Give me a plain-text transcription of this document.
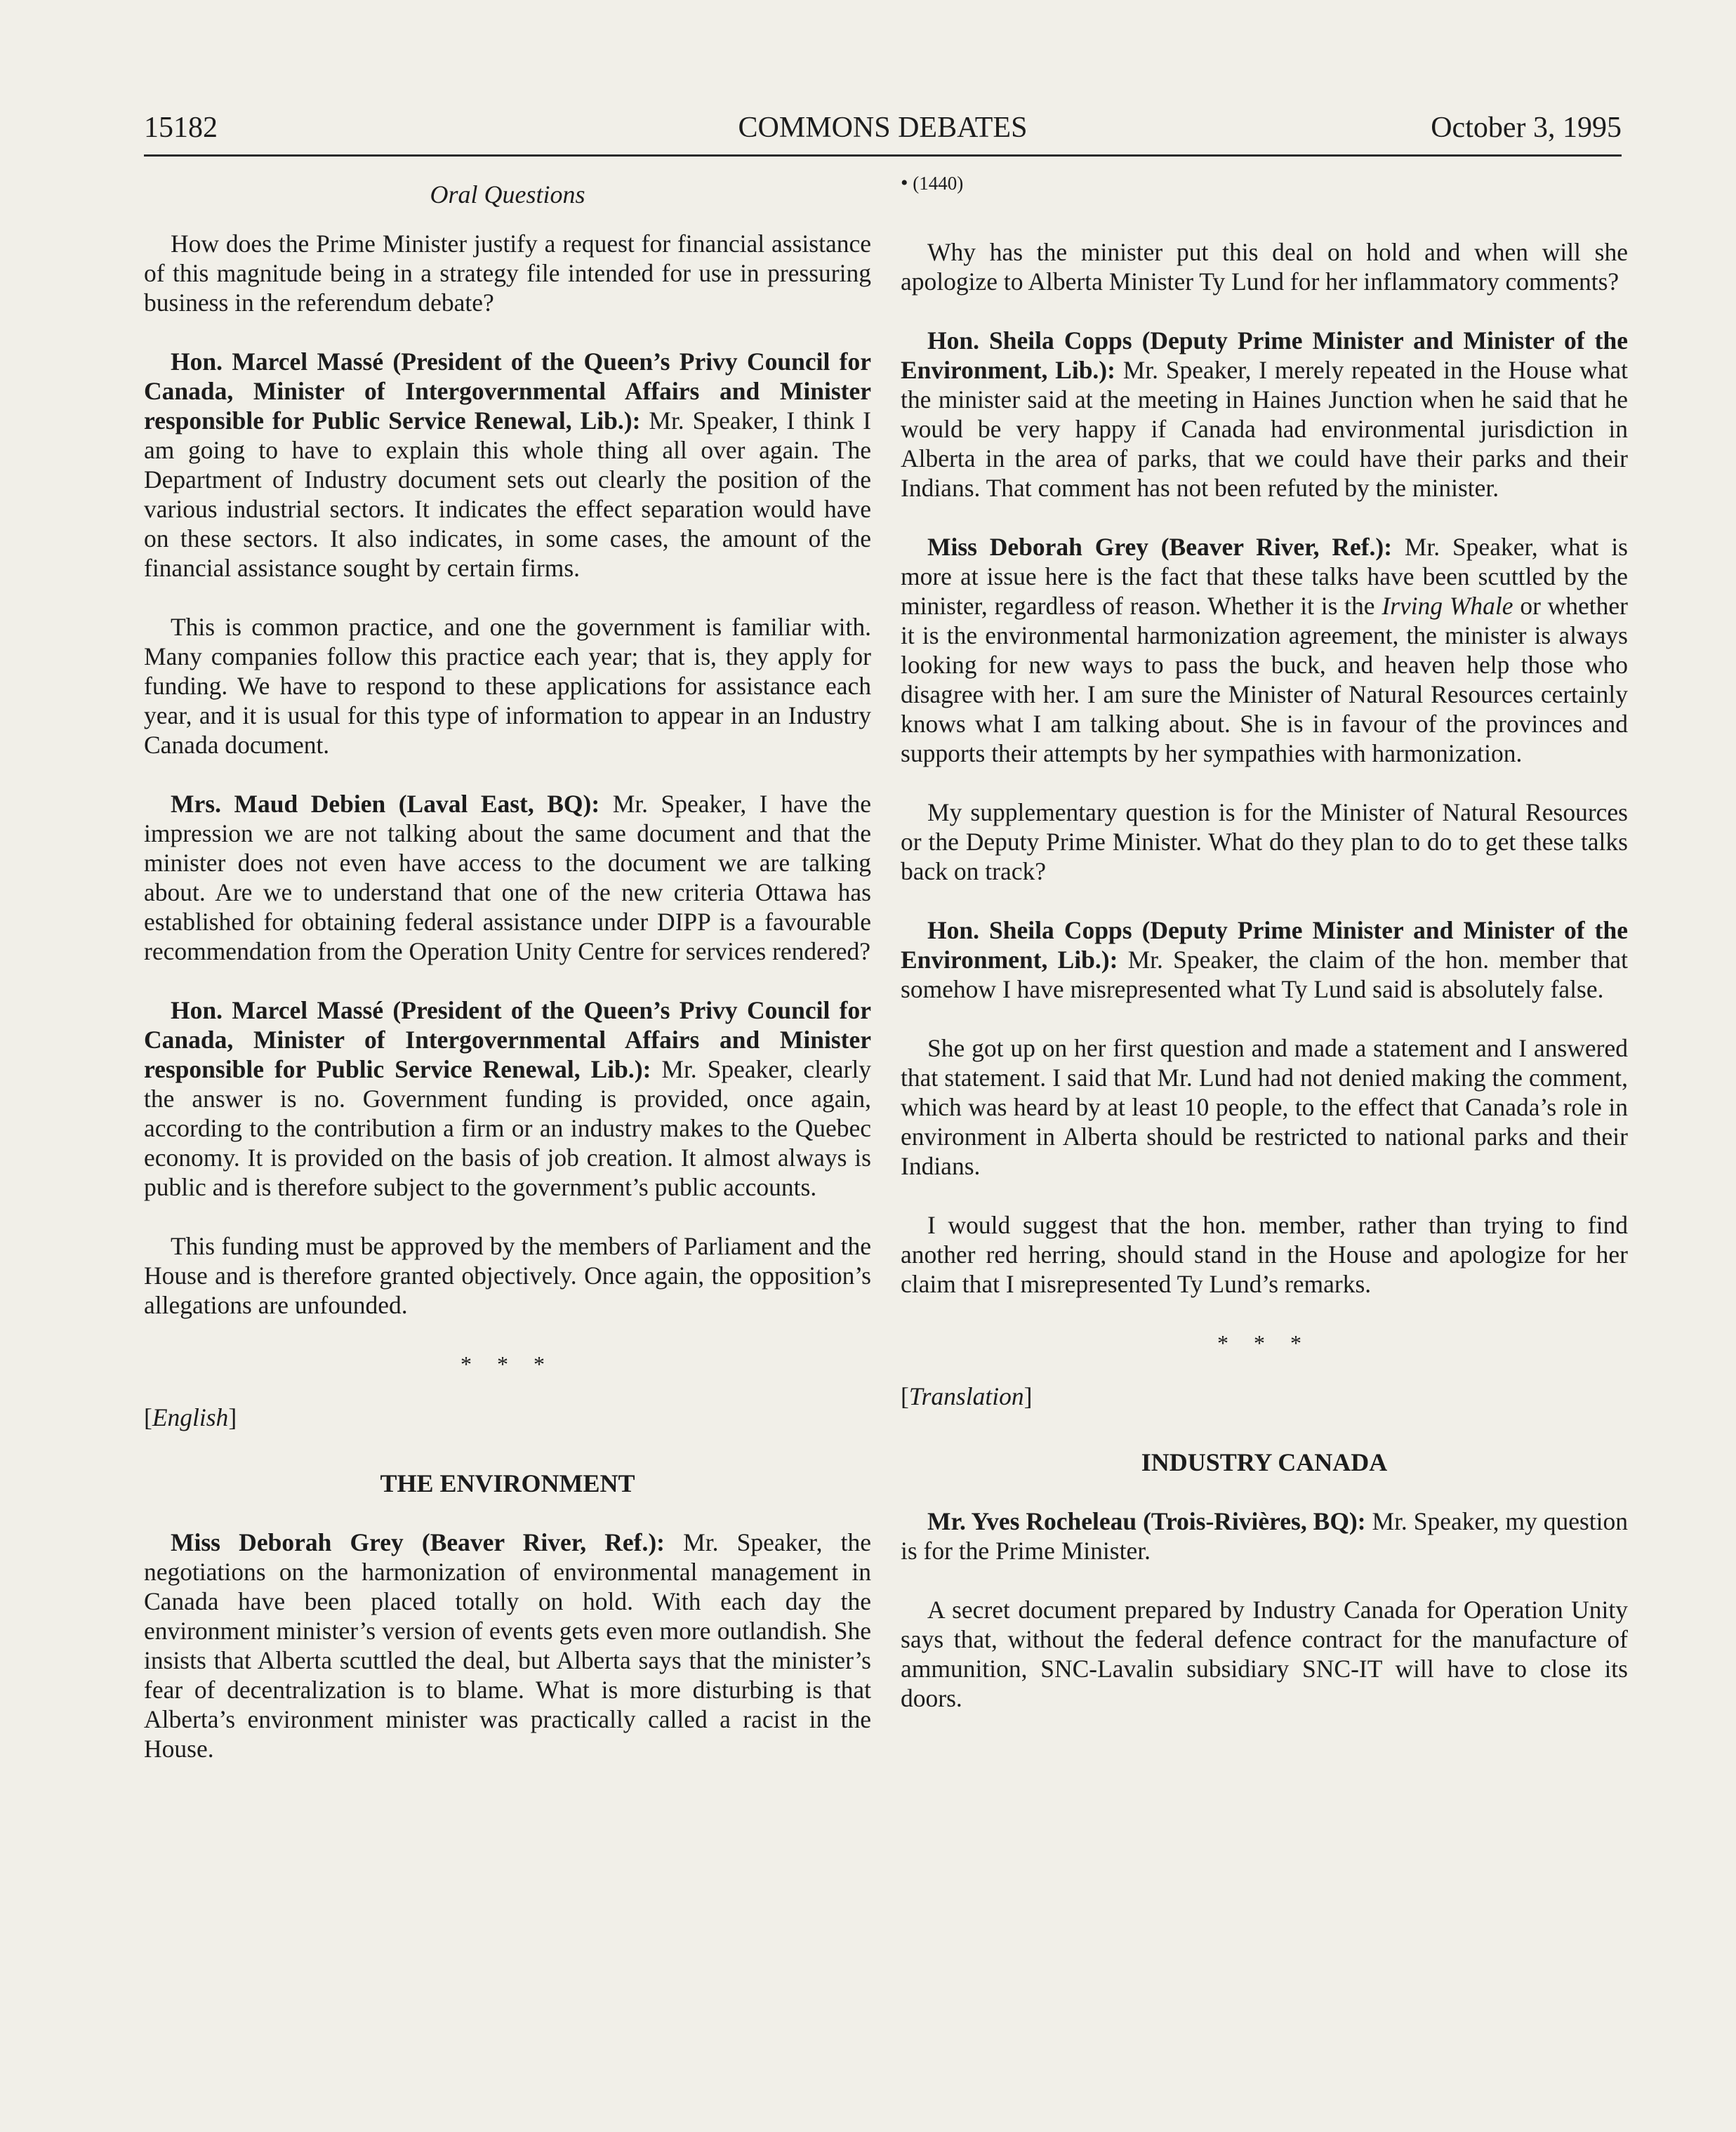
15182	COMMONS DEBATES	October 3, 1995
Oral Questions

How does the Prime Minister justify a request for financial assistance of this magnitude being in a strategy file intended for use in pressuring business in the referendum debate?

Hon. Marcel Massé (President of the Queen’s Privy Council for Canada, Minister of Intergovernmental Affairs and Minister responsible for Public Service Renewal, Lib.): Mr. Speaker, I think I am going to have to explain this whole thing all over again. The Department of Industry document sets out clearly the position of the various industrial sectors. It indicates the effect separation would have on these sectors. It also indicates, in some cases, the amount of the financial assistance sought by certain firms.

This is common practice, and one the government is familiar with. Many companies follow this practice each year; that is, they apply for funding. We have to respond to these applications for assistance each year, and it is usual for this type of information to appear in an Industry Canada document.

Mrs. Maud Debien (Laval East, BQ): Mr. Speaker, I have the impression we are not talking about the same document and that the minister does not even have access to the document we are talking about. Are we to understand that one of the new criteria Ottawa has established for obtaining federal assistance under DIPP is a favourable recommendation from the Operation Unity Centre for services rendered?

Hon. Marcel Massé (President of the Queen’s Privy Council for Canada, Minister of Intergovernmental Affairs and Minister responsible for Public Service Renewal, Lib.): Mr. Speaker, clearly the answer is no. Government funding is provided, once again, according to the contribution a firm or an industry makes to the Quebec economy. It is provided on the basis of job creation. It almost always is public and is therefore subject to the government’s public accounts.

This funding must be approved by the members of Parliament and the House and is therefore granted objectively. Once again, the opposition’s allegations are unfounded.

* * *
[English]
THE ENVIRONMENT

Miss Deborah Grey (Beaver River, Ref.): Mr. Speaker, the negotiations on the harmonization of environmental management in Canada have been placed totally on hold. With each day the environment minister’s version of events gets even more outlandish. She insists that Alberta scuttled the deal, but Alberta says that the minister’s fear of decentralization is to blame. What is more disturbing is that Alberta’s environment minister was practically called a racist in the House.

• (1440)

Why has the minister put this deal on hold and when will she apologize to Alberta Minister Ty Lund for her inflammatory comments?

Hon. Sheila Copps (Deputy Prime Minister and Minister of the Environment, Lib.): Mr. Speaker, I merely repeated in the House what the minister said at the meeting in Haines Junction when he said that he would be very happy if Canada had environmental jurisdiction in Alberta in the area of parks, that we could have their parks and their Indians. That comment has not been refuted by the minister.

Miss Deborah Grey (Beaver River, Ref.): Mr. Speaker, what is more at issue here is the fact that these talks have been scuttled by the minister, regardless of reason. Whether it is the Irving Whale or whether it is the environmental harmonization agreement, the minister is always looking for new ways to pass the buck, and heaven help those who disagree with her. I am sure the Minister of Natural Resources certainly knows what I am talking about. She is in favour of the provinces and supports their attempts by her sympathies with harmonization.

My supplementary question is for the Minister of Natural Resources or the Deputy Prime Minister. What do they plan to do to get these talks back on track?

Hon. Sheila Copps (Deputy Prime Minister and Minister of the Environment, Lib.): Mr. Speaker, the claim of the hon. member that somehow I have misrepresented what Ty Lund said is absolutely false.

She got up on her first question and made a statement and I answered that statement. I said that Mr. Lund had not denied making the comment, which was heard by at least 10 people, to the effect that Canada’s role in environment in Alberta should be restricted to national parks and their Indians.

I would suggest that the hon. member, rather than trying to find another red herring, should stand in the House and apologize for her claim that I misrepresented Ty Lund’s remarks.

* * *
[Translation]
INDUSTRY CANADA

Mr. Yves Rocheleau (Trois-Rivières, BQ): Mr. Speaker, my question is for the Prime Minister.

A secret document prepared by Industry Canada for Operation Unity says that, without the federal defence contract for the manufacture of ammunition, SNC-Lavalin subsidiary SNC-IT will have to close its doors.
